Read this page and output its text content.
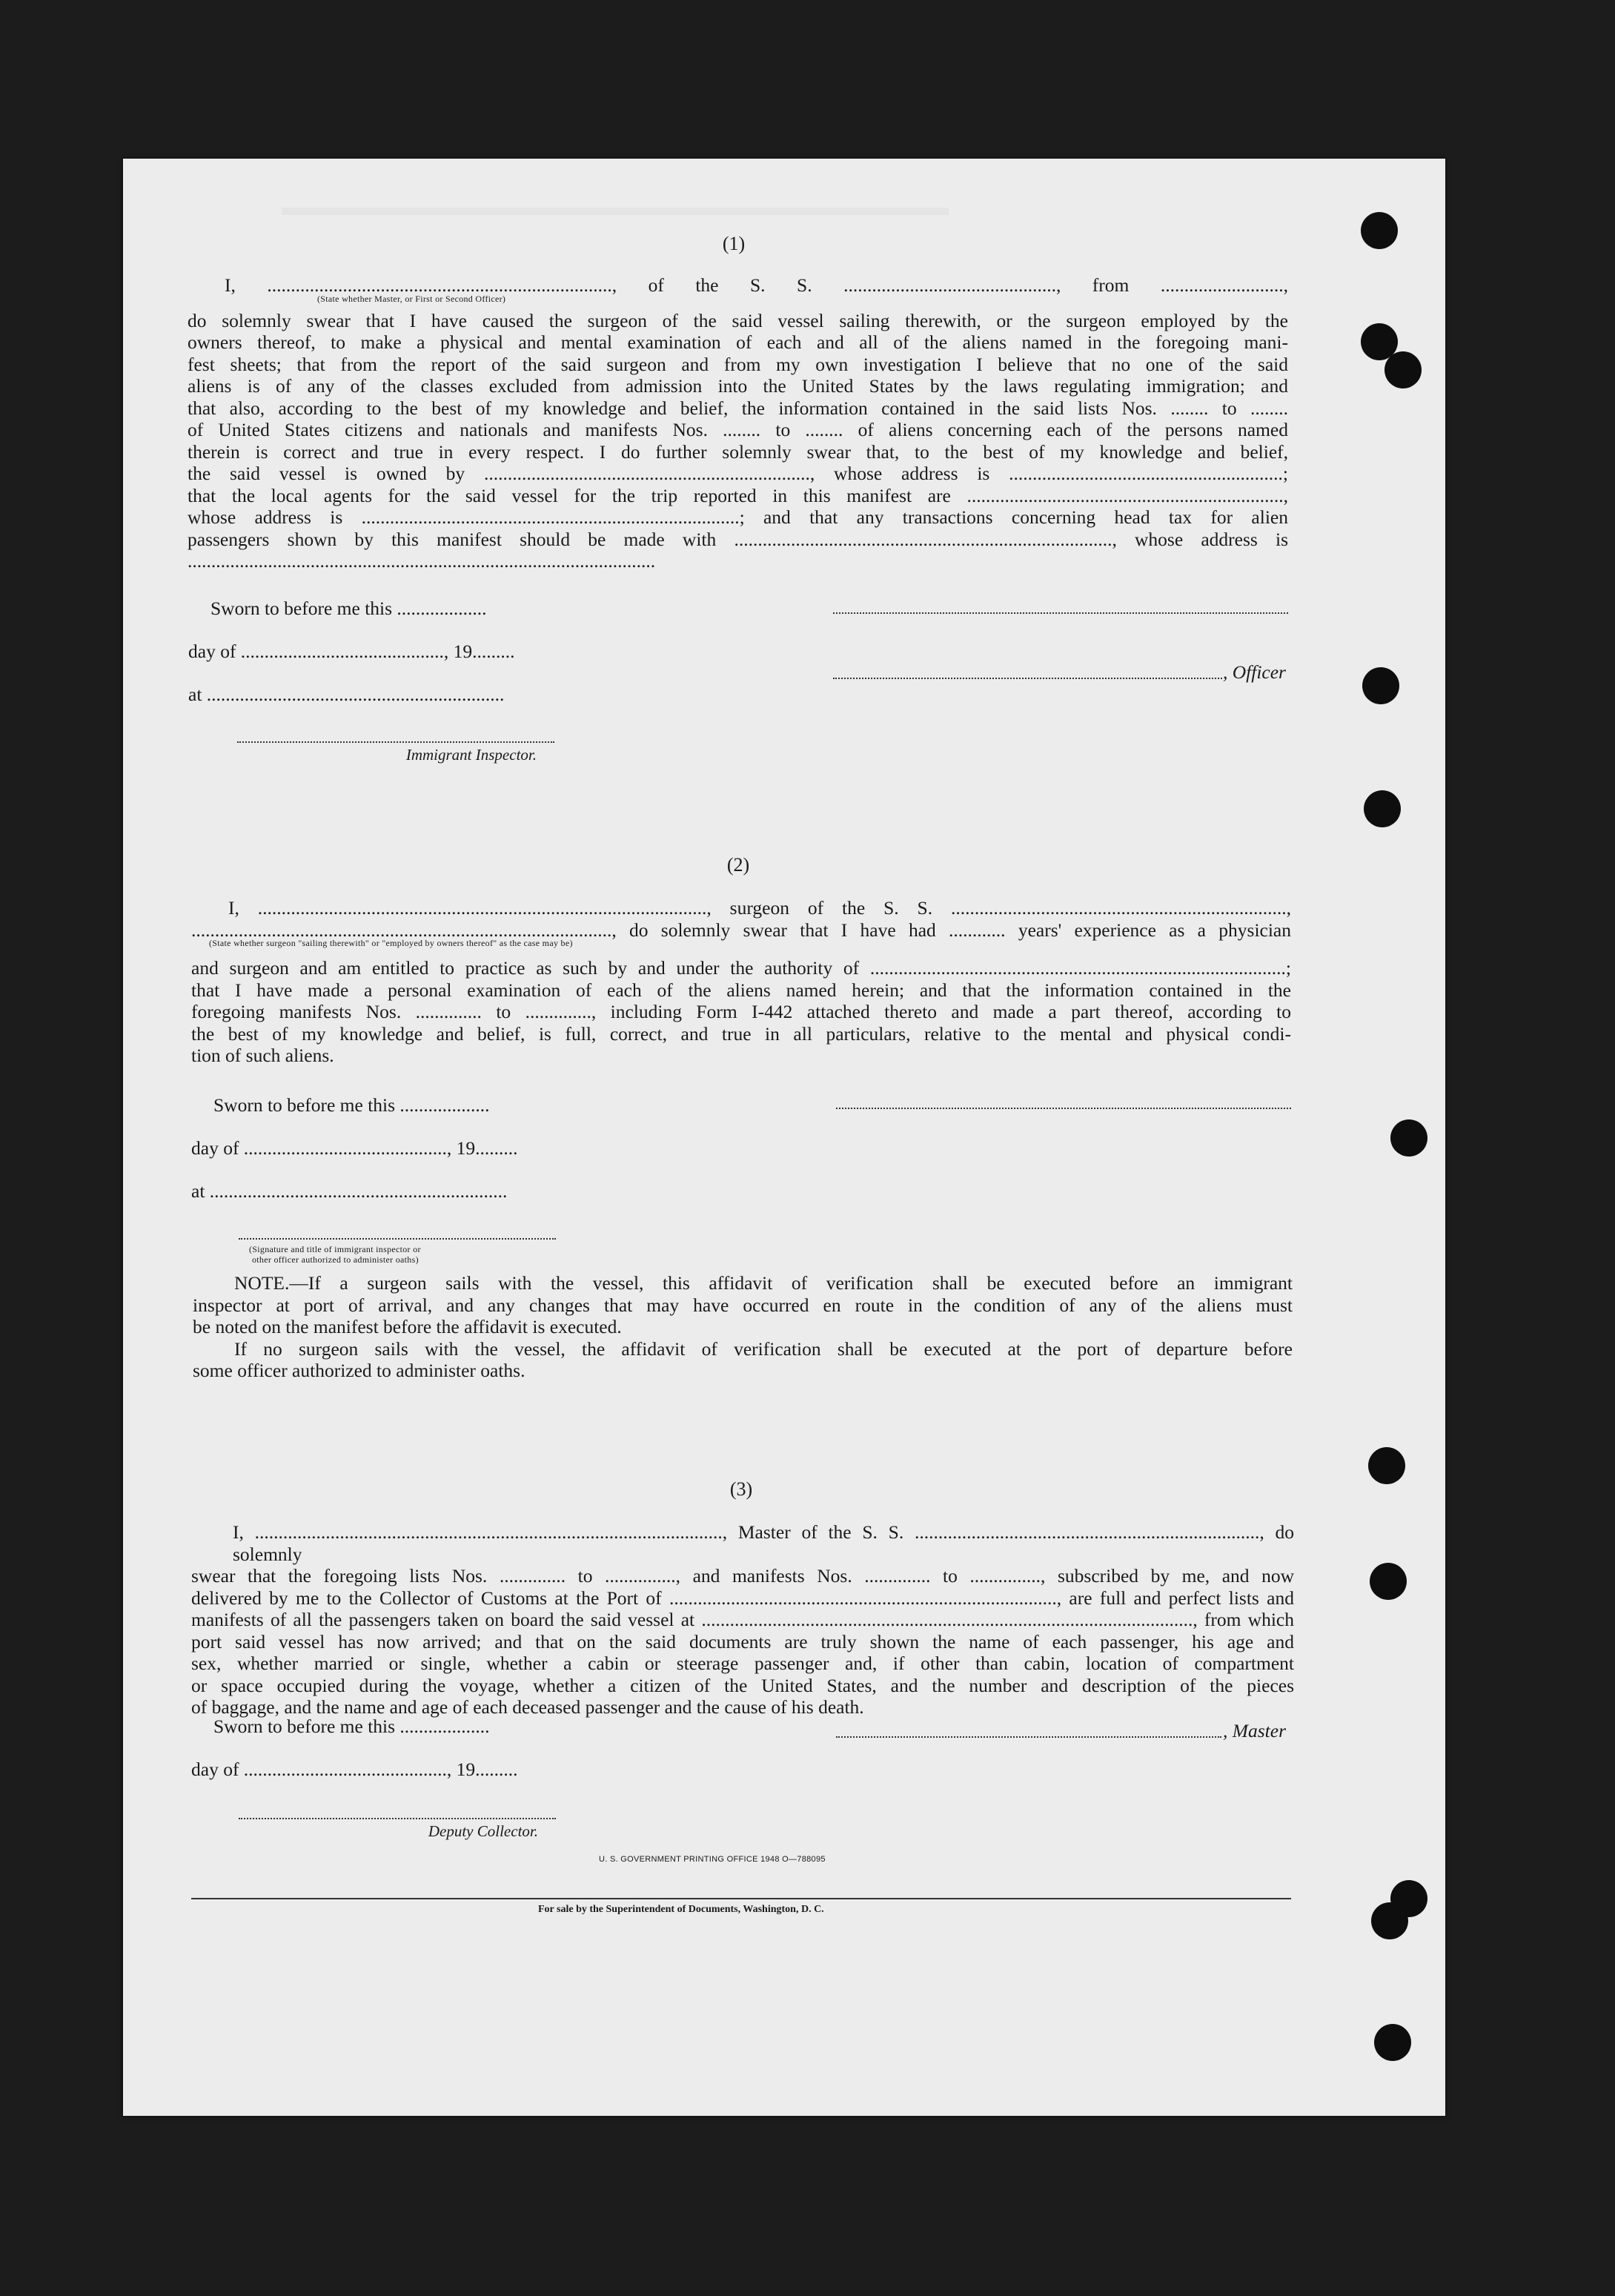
(1)
I, ........................................................................., of the S. S. ............................................., from ..........................,
(State whether Master, or First or Second Officer)
do solemnly swear that I have caused the surgeon of the said vessel sailing therewith, or the surgeon employed by the
owners thereof, to make a physical and mental examination of each and all of the aliens named in the foregoing mani-
fest sheets; that from the report of the said surgeon and from my own investigation I believe that no one of the said
aliens is of any of the classes excluded from admission into the United States by the laws regulating immigration; and
that also, according to the best of my knowledge and belief, the information contained in the said lists Nos. ........ to ........
of United States citizens and nationals and manifests Nos. ........ to ........ of aliens concerning each of the persons named
therein is correct and true in every respect. I do further solemnly swear that, to the best of my knowledge and belief,
the said vessel is owned by ....................................................................., whose address is ..........................................................;
that the local agents for the said vessel for the trip reported in this manifest are ...................................................................,
whose address is ................................................................................; and that any transactions concerning head tax for alien
passengers shown by this manifest should be made with ................................................................................, whose address is
...................................................................................................
Sworn to before me this ...................
day of ..........................................., 19.........
at ...............................................................
Immigrant Inspector.
, Officer
(2)
I, ..............................................................................................., surgeon of the S. S. .......................................................................,
........................................................................................., do solemnly swear that I have had ............ years' experience as a physician
(State whether surgeon "sailing therewith" or "employed by owners thereof" as the case may be)
and surgeon and am entitled to practice as such by and under the authority of ........................................................................................;
that I have made a personal examination of each of the aliens named herein; and that the information contained in the
foregoing manifests Nos. .............. to .............., including Form I-442 attached thereto and made a part thereof, according to
the best of my knowledge and belief, is full, correct, and true in all particulars, relative to the mental and physical condi-
tion of such aliens.
Sworn to before me this ...................
day of ..........................................., 19.........
at ...............................................................
(Signature and title of immigrant inspector or
other officer authorized to administer oaths)
NOTE.—If a surgeon sails with the vessel, this affidavit of verification shall be executed before an immigrant
inspector at port of arrival, and any changes that may have occurred en route in the condition of any of the aliens must
be noted on the manifest before the affidavit is executed.
If no surgeon sails with the vessel, the affidavit of verification shall be executed at the port of departure before
some officer authorized to administer oaths.
(3)
I, ..................................................................................................., Master of the S. S. ........................................................................., do solemnly
swear that the foregoing lists Nos. .............. to ..............., and manifests Nos. .............. to ..............., subscribed by me, and now
delivered by me to the Collector of Customs at the Port of .................................................................................., are full and perfect lists and
manifests of all the passengers taken on board the said vessel at ........................................................................................................, from which
port said vessel has now arrived; and that on the said documents are truly shown the name of each passenger, his age and
sex, whether married or single, whether a cabin or steerage passenger and, if other than cabin, location of compartment
or space occupied during the voyage, whether a citizen of the United States, and the number and description of the pieces
of baggage, and the name and age of each deceased passenger and the cause of his death.
Sworn to before me this ...................
day of ..........................................., 19.........
Deputy Collector.
, Master
U. S. GOVERNMENT PRINTING OFFICE 1948 O—788095
For sale by the Superintendent of Documents, Washington, D. C.
